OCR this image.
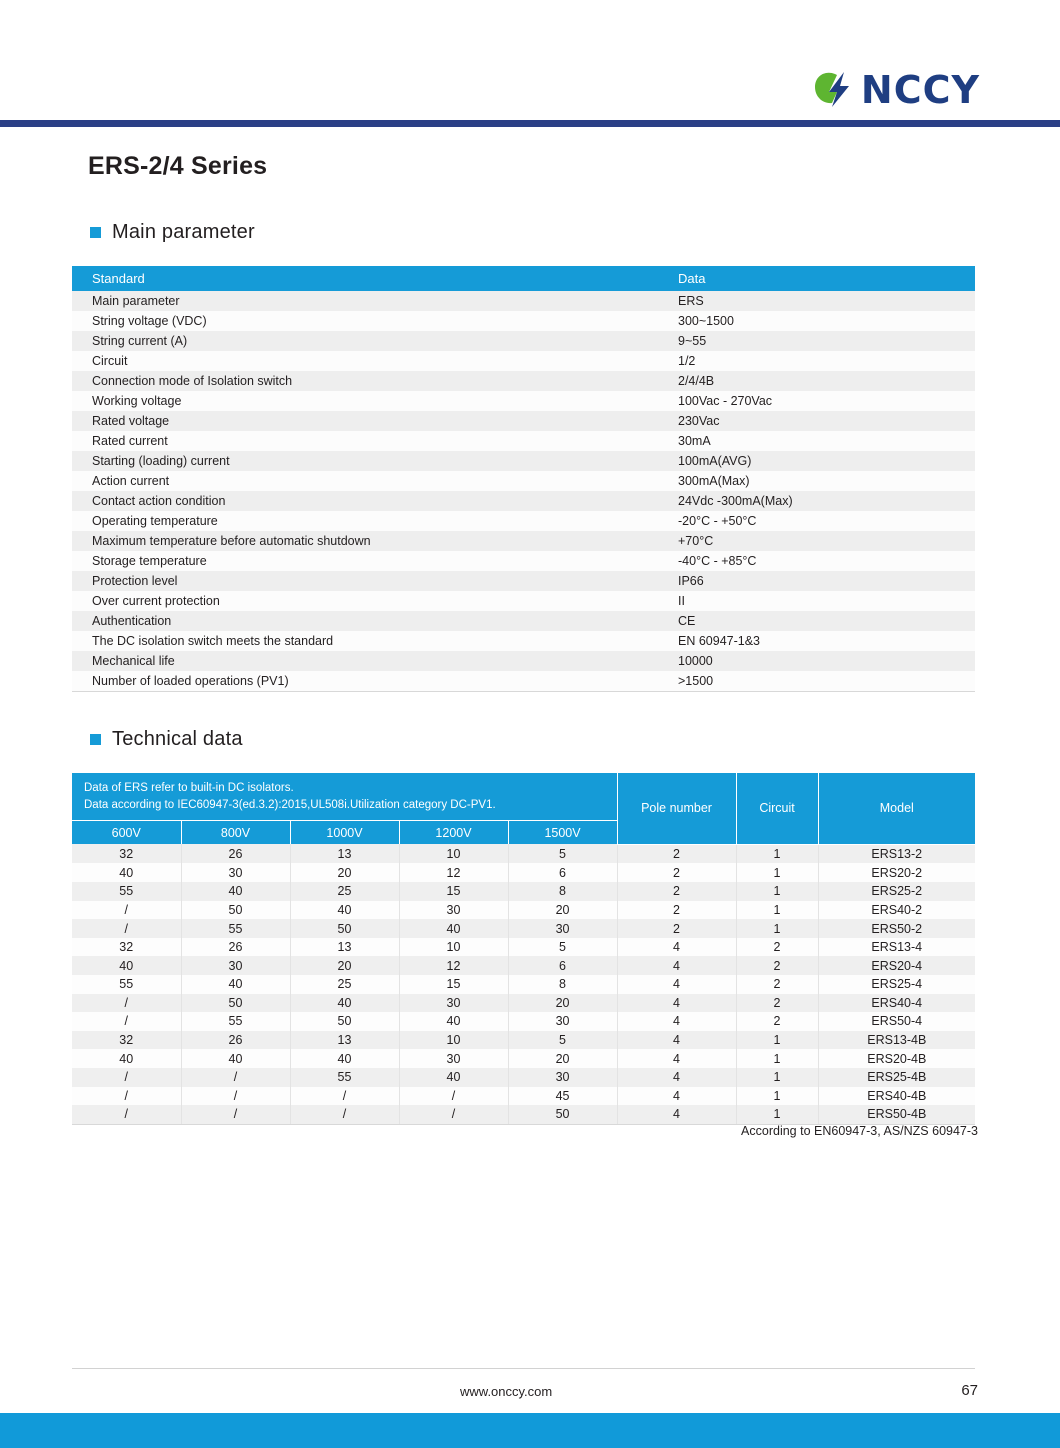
NCCY
ERS-2/4 Series
Main parameter
Standard	Data
Main parameter	ERS
String voltage (VDC)	300~1500
String current (A)	9~55
Circuit	1/2
Connection mode of Isolation switch	2/4/4B
Working voltage	100Vac - 270Vac
Rated voltage	230Vac
Rated current	30mA
Starting (loading) current	100mA(AVG)
Action current	300mA(Max)
Contact action condition	24Vdc -300mA(Max)
Operating temperature	-20°C - +50°C
Maximum temperature before automatic shutdown	+70°C
Storage temperature	-40°C - +85°C
Protection level	IP66
Over current protection	II
Authentication	CE
The DC isolation switch meets the standard	EN 60947-1&3
Mechanical life	10000
Number of loaded operations (PV1)	>1500
Technical data
Data of ERS refer to built-in DC isolators.
Data according to IEC60947-3(ed.3.2):2015,UL508i.Utilization category DC-PV1.					Pole number	Circuit	Model
600V	800V	1000V	1200V	1500V			
32	26	13	10	5	2	1	ERS13-2
40	30	20	12	6	2	1	ERS20-2
55	40	25	15	8	2	1	ERS25-2
/	50	40	30	20	2	1	ERS40-2
/	55	50	40	30	2	1	ERS50-2
32	26	13	10	5	4	2	ERS13-4
40	30	20	12	6	4	2	ERS20-4
55	40	25	15	8	4	2	ERS25-4
/	50	40	30	20	4	2	ERS40-4
/	55	50	40	30	4	2	ERS50-4
32	26	13	10	5	4	1	ERS13-4B
40	40	40	30	20	4	1	ERS20-4B
/	/	55	40	30	4	1	ERS25-4B
/	/	/	/	45	4	1	ERS40-4B
/	/	/	/	50	4	1	ERS50-4B
According to EN60947-3, AS/NZS 60947-3
www.onccy.com	67
